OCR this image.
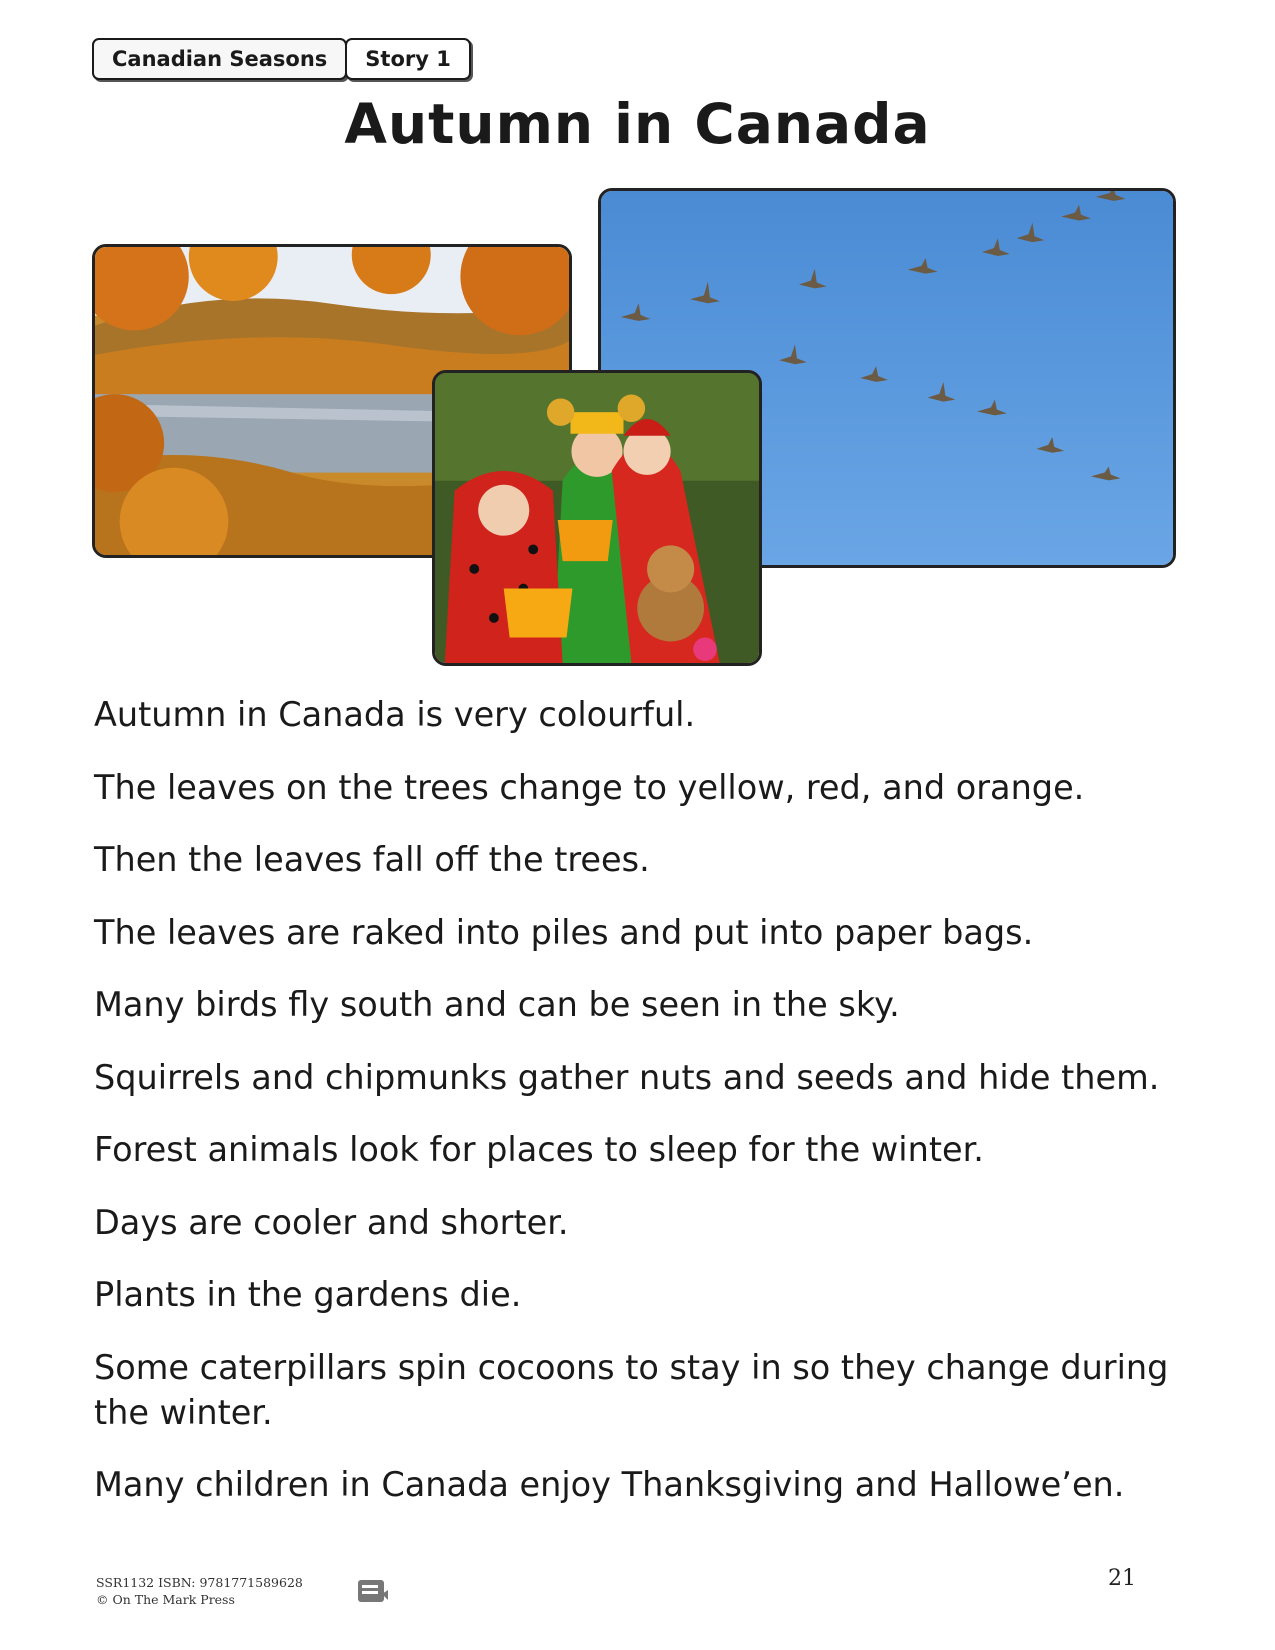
Canadian Seasons	Story 1
Autumn in Canada
Autumn in Canada is very colourful.
The leaves on the trees change to yellow, red, and orange.
Then the leaves fall off the trees.
The leaves are raked into piles and put into paper bags.
Many birds fly south and can be seen in the sky.
Squirrels and chipmunks gather nuts and seeds and hide them.
Forest animals look for places to sleep for the winter.
Days are cooler and shorter.
Plants in the gardens die.
Some caterpillars spin cocoons to stay in so they change during the winter.
Many children in Canada enjoy Thanksgiving and Hallowe’en.
SSR1132 ISBN: 9781771589628
© On The Mark Press
21
